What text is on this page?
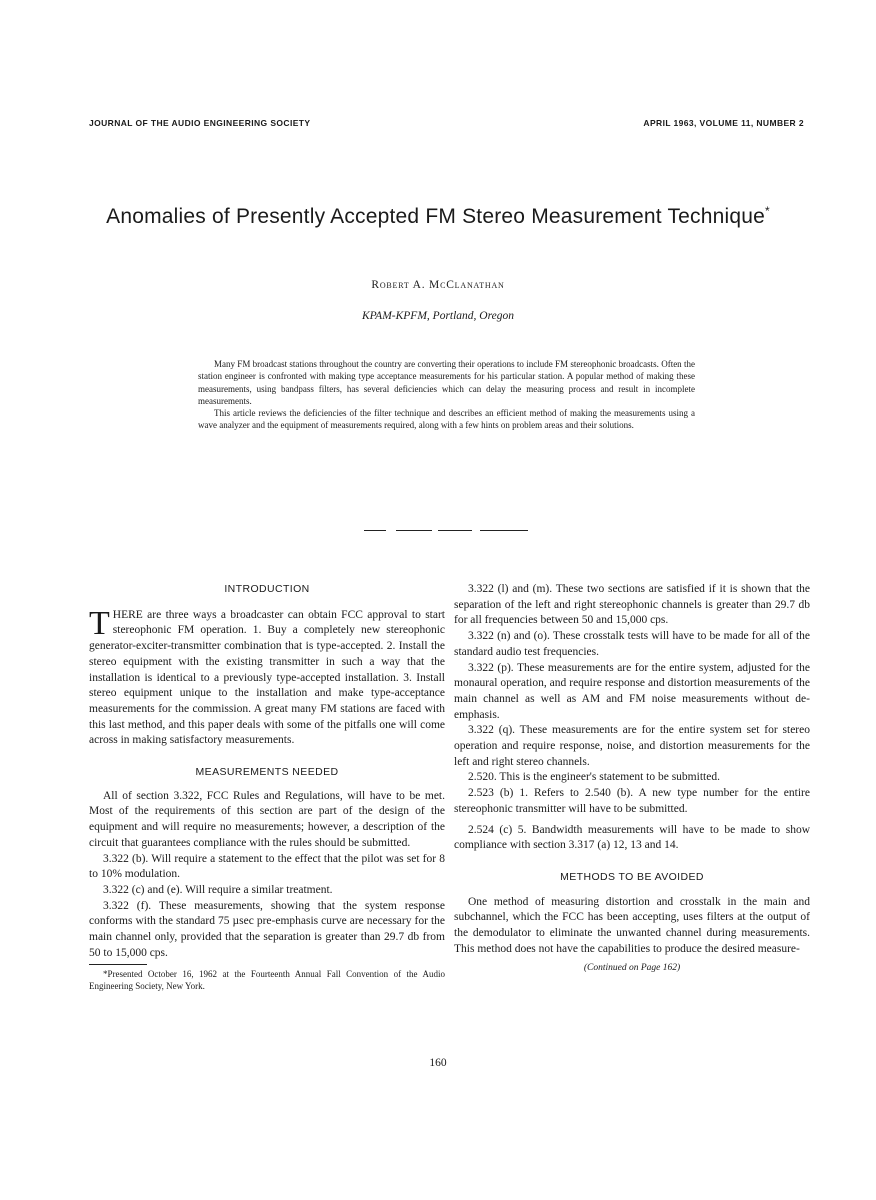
JOURNAL OF THE AUDIO ENGINEERING SOCIETY	APRIL 1963, VOLUME 11, NUMBER 2
Anomalies of Presently Accepted FM Stereo Measurement Technique*
Robert A. McClanathan
KPAM-KPFM, Portland, Oregon

Many FM broadcast stations throughout the country are converting their operations to include FM stereophonic broadcasts. Often the station engineer is confronted with making type acceptance measurements for his particular station. A popular method of making these measurements, using bandpass filters, has several deficiencies which can delay the measuring process and result in incomplete measurements.

This article reviews the deficiencies of the filter technique and describes an efficient method of making the measurements using a wave analyzer and the equipment of measurements required, along with a few hints on problem areas and their solutions.

INTRODUCTION

THERE are three ways a broadcaster can obtain FCC approval to start stereophonic FM operation. 1. Buy a completely new stereophonic generator-exciter-transmitter combination that is type-accepted. 2. Install the stereo equipment with the existing transmitter in such a way that the installation is identical to a previously type-accepted installation. 3. Install stereo equipment unique to the installation and make type-acceptance measurements for the commission. A great many FM stations are faced with this last method, and this paper deals with some of the pitfalls one will come across in making satisfactory measurements.

MEASUREMENTS NEEDED

All of section 3.322, FCC Rules and Regulations, will have to be met. Most of the requirements of this section are part of the design of the equipment and will require no measurements; however, a description of the circuit that guarantees compliance with the rules should be submitted.

3.322 (b). Will require a statement to the effect that the pilot was set for 8 to 10% modulation.

3.322 (c) and (e). Will require a similar treatment.

3.322 (f). These measurements, showing that the system response conforms with the standard 75 µsec pre-emphasis curve are necessary for the main channel only, provided that the separation is greater than 29.7 db from 50 to 15,000 cps.

*Presented October 16, 1962 at the Fourteenth Annual Fall Convention of the Audio Engineering Society, New York.

3.322 (l) and (m). These two sections are satisfied if it is shown that the separation of the left and right stereophonic channels is greater than 29.7 db for all frequencies between 50 and 15,000 cps.

3.322 (n) and (o). These crosstalk tests will have to be made for all of the standard audio test frequencies.

3.322 (p). These measurements are for the entire system, adjusted for the monaural operation, and require response and distortion measurements of the main channel as well as AM and FM noise measurements without de-emphasis.

3.322 (q). These measurements are for the entire system set for stereo operation and require response, noise, and distortion measurements for the left and right stereo channels.

2.520. This is the engineer's statement to be submitted.

2.523 (b) 1. Refers to 2.540 (b). A new type number for the entire stereophonic transmitter will have to be submitted.

2.524 (c) 5. Bandwidth measurements will have to be made to show compliance with section 3.317 (a) 12, 13 and 14.

METHODS TO BE AVOIDED

One method of measuring distortion and crosstalk in the main and subchannel, which the FCC has been accepting, uses filters at the output of the demodulator to eliminate the unwanted channel during measurements. This method does not have the capabilities to produce the desired measure-

(Continued on Page 162)
160
